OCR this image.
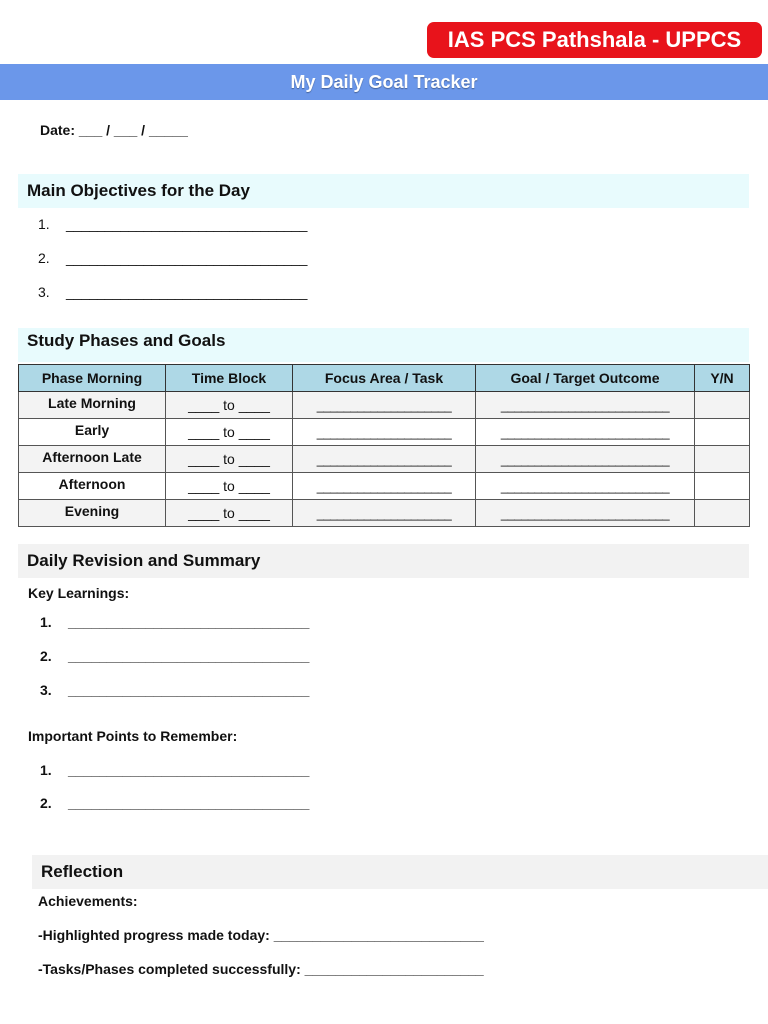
IAS PCS Pathshala - UPPCS
My Daily Goal Tracker
Date: ___ / ___ / _____
Main Objectives for the Day
1. _______________________________
2. _______________________________
3. _______________________________
Study Phases and Goals
Phase Morning	Time Block	Focus Area / Task	Goal / Target Outcome	Y/N
Late Morning	____ to ____	____________________	_________________________	
Early	____ to ____	____________________	_________________________	
Afternoon Late	____ to ____	____________________	_________________________	
Afternoon	____ to ____	____________________	_________________________	
Evening	____ to ____	____________________	_________________________	
Daily Revision and Summary
Key Learnings:
1. _______________________________
2. _______________________________
3. _______________________________
Important Points to Remember:
1. _______________________________
2. _______________________________
Reflection
Achievements:
-Highlighted progress made today: ___________________________
-Tasks/Phases completed successfully: _______________________
